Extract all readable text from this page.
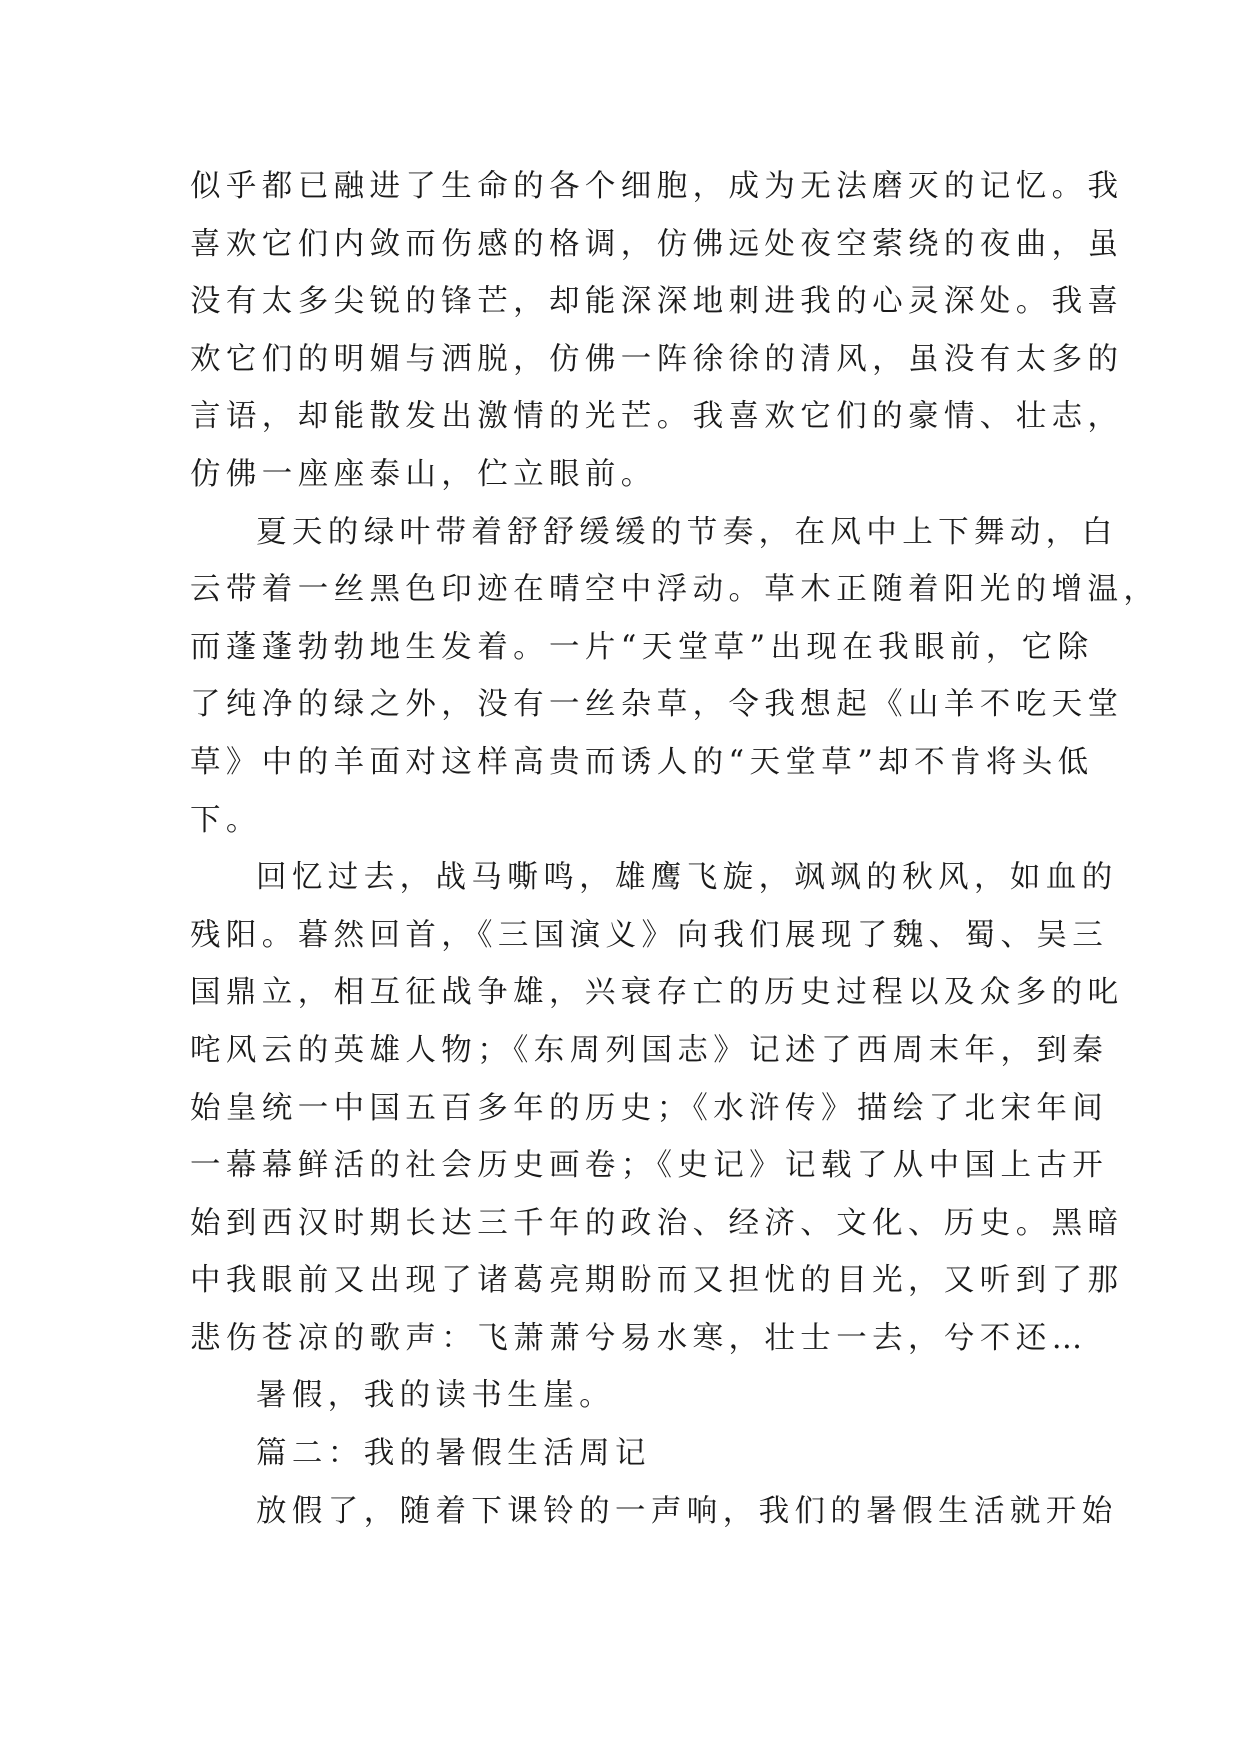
似乎都已融进了生命的各个细胞，成为无法磨灭的记忆。我
喜欢它们内敛而伤感的格调，仿佛远处夜空萦绕的夜曲，虽
没有太多尖锐的锋芒，却能深深地刺进我的心灵深处。我喜
欢它们的明媚与洒脱，仿佛一阵徐徐的清风，虽没有太多的
言语，却能散发出激情的光芒。我喜欢它们的豪情、壮志，
仿佛一座座泰山，伫立眼前。
夏天的绿叶带着舒舒缓缓的节奏，在风中上下舞动，白
云带着一丝黑色印迹在晴空中浮动。草木正随着阳光的增温，
而蓬蓬勃勃地生发着。一片“天堂草”出现在我眼前，它除
了纯净的绿之外，没有一丝杂草，令我想起《山羊不吃天堂
草》中的羊面对这样高贵而诱人的“天堂草”却不肯将头低
下。
回忆过去，战马嘶鸣，雄鹰飞旋，飒飒的秋风，如血的
残阳。暮然回首，《三国演义》向我们展现了魏、蜀、吴三
国鼎立，相互征战争雄，兴衰存亡的历史过程以及众多的叱
咤风云的英雄人物；《东周列国志》记述了西周末年，到秦
始皇统一中国五百多年的历史；《水浒传》描绘了北宋年间
一幕幕鲜活的社会历史画卷；《史记》记载了从中国上古开
始到西汉时期长达三千年的政治、经济、文化、历史。黑暗
中我眼前又出现了诸葛亮期盼而又担忧的目光，又听到了那
悲伤苍凉的歌声：飞萧萧兮易水寒，壮士一去，兮不还…
暑假，我的读书生崖。
篇二：我的暑假生活周记
放假了，随着下课铃的一声响，我们的暑假生活就开始
